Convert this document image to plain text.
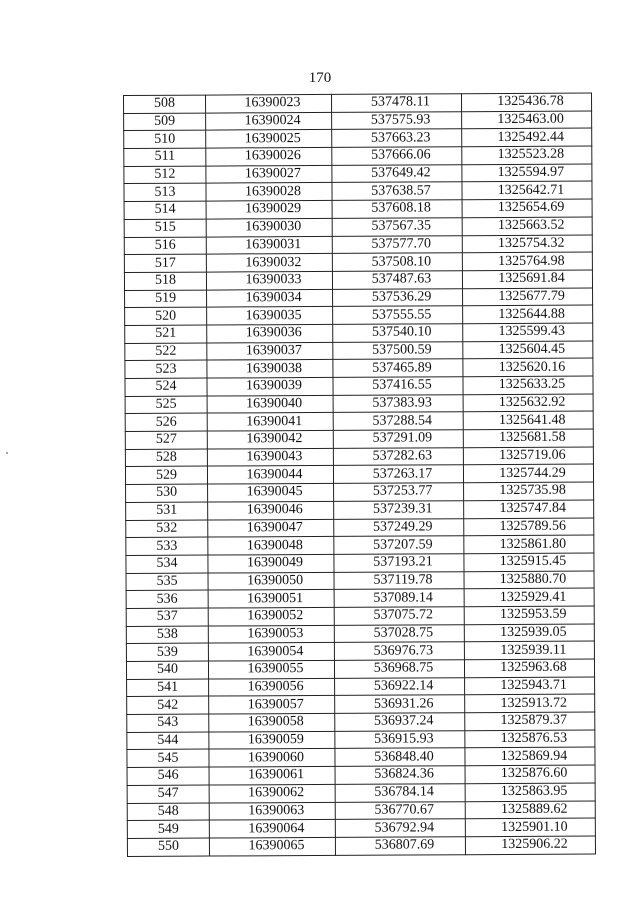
170
508	16390023	537478.11	1325436.78
509	16390024	537575.93	1325463.00
510	16390025	537663.23	1325492.44
511	16390026	537666.06	1325523.28
512	16390027	537649.42	1325594.97
513	16390028	537638.57	1325642.71
514	16390029	537608.18	1325654.69
515	16390030	537567.35	1325663.52
516	16390031	537577.70	1325754.32
517	16390032	537508.10	1325764.98
518	16390033	537487.63	1325691.84
519	16390034	537536.29	1325677.79
520	16390035	537555.55	1325644.88
521	16390036	537540.10	1325599.43
522	16390037	537500.59	1325604.45
523	16390038	537465.89	1325620.16
524	16390039	537416.55	1325633.25
525	16390040	537383.93	1325632.92
526	16390041	537288.54	1325641.48
527	16390042	537291.09	1325681.58
528	16390043	537282.63	1325719.06
529	16390044	537263.17	1325744.29
530	16390045	537253.77	1325735.98
531	16390046	537239.31	1325747.84
532	16390047	537249.29	1325789.56
533	16390048	537207.59	1325861.80
534	16390049	537193.21	1325915.45
535	16390050	537119.78	1325880.70
536	16390051	537089.14	1325929.41
537	16390052	537075.72	1325953.59
538	16390053	537028.75	1325939.05
539	16390054	536976.73	1325939.11
540	16390055	536968.75	1325963.68
541	16390056	536922.14	1325943.71
542	16390057	536931.26	1325913.72
543	16390058	536937.24	1325879.37
544	16390059	536915.93	1325876.53
545	16390060	536848.40	1325869.94
546	16390061	536824.36	1325876.60
547	16390062	536784.14	1325863.95
548	16390063	536770.67	1325889.62
549	16390064	536792.94	1325901.10
550	16390065	536807.69	1325906.22
